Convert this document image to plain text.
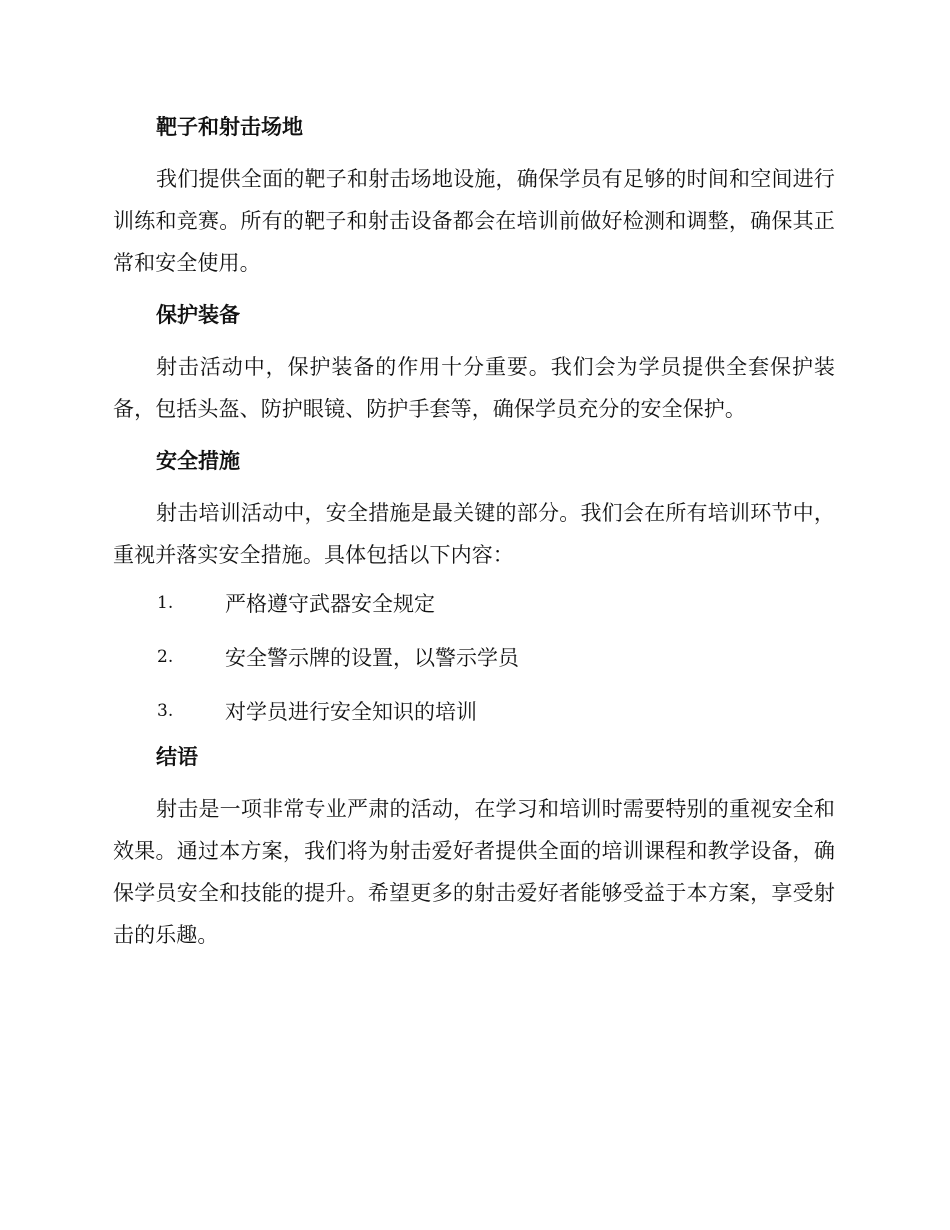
靶子和射击场地

我们提供全面的靶子和射击场地设施，确保学员有足够的时间和空间进行训练和竞赛。所有的靶子和射击设备都会在培训前做好检测和调整，确保其正常和安全使用。

保护装备

射击活动中，保护装备的作用十分重要。我们会为学员提供全套保护装备，包括头盔、防护眼镜、防护手套等，确保学员充分的安全保护。

安全措施

射击培训活动中，安全措施是最关键的部分。我们会在所有培训环节中，重视并落实安全措施。具体包括以下内容：

1.	严格遵守武器安全规定
2.	安全警示牌的设置，以警示学员
3.	对学员进行安全知识的培训
结语

射击是一项非常专业严肃的活动，在学习和培训时需要特别的重视安全和效果。通过本方案，我们将为射击爱好者提供全面的培训课程和教学设备，确保学员安全和技能的提升。希望更多的射击爱好者能够受益于本方案，享受射击的乐趣。
